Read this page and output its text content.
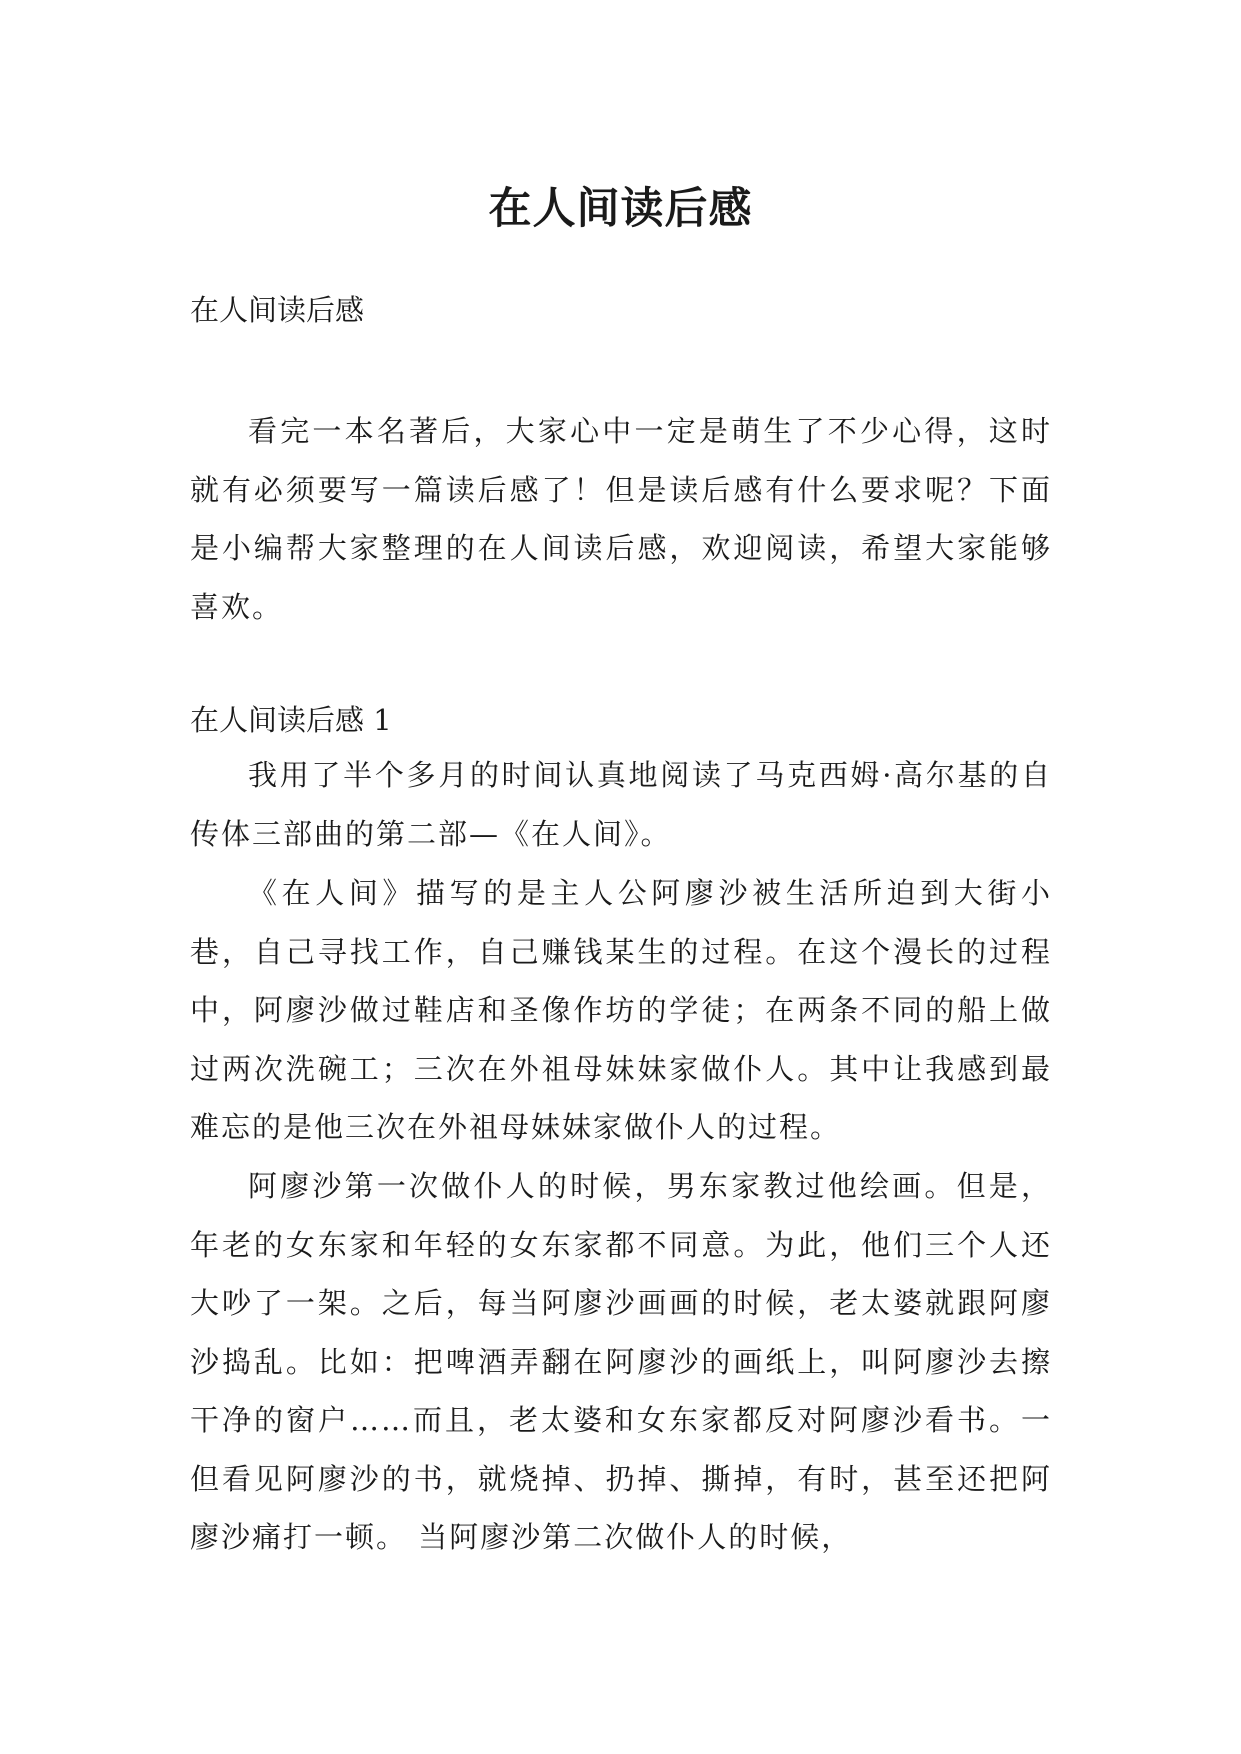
在人间读后感

在人间读后感

看完一本名著后，大家心中一定是萌生了不少心得，这时就有必须要写一篇读后感了！但是读后感有什么要求呢？下面是小编帮大家整理的在人间读后感，欢迎阅读，希望大家能够喜欢。

在人间读后感 1

我用了半个多月的时间认真地阅读了马克西姆·高尔基的自传体三部曲的第二部—《在人间》。

《在人间》描写的是主人公阿廖沙被生活所迫到大街小巷，自己寻找工作，自己赚钱某生的过程。在这个漫长的过程中，阿廖沙做过鞋店和圣像作坊的学徒；在两条不同的船上做过两次洗碗工；三次在外祖母妹妹家做仆人。其中让我感到最难忘的是他三次在外祖母妹妹家做仆人的过程。

阿廖沙第一次做仆人的时候，男东家教过他绘画。但是，年老的女东家和年轻的女东家都不同意。为此，他们三个人还大吵了一架。之后，每当阿廖沙画画的时候，老太婆就跟阿廖沙捣乱。比如：把啤酒弄翻在阿廖沙的画纸上，叫阿廖沙去擦干净的窗户……而且，老太婆和女东家都反对阿廖沙看书。一但看见阿廖沙的书，就烧掉、扔掉、撕掉，有时，甚至还把阿廖沙痛打一顿。 当阿廖沙第二次做仆人的时候，
